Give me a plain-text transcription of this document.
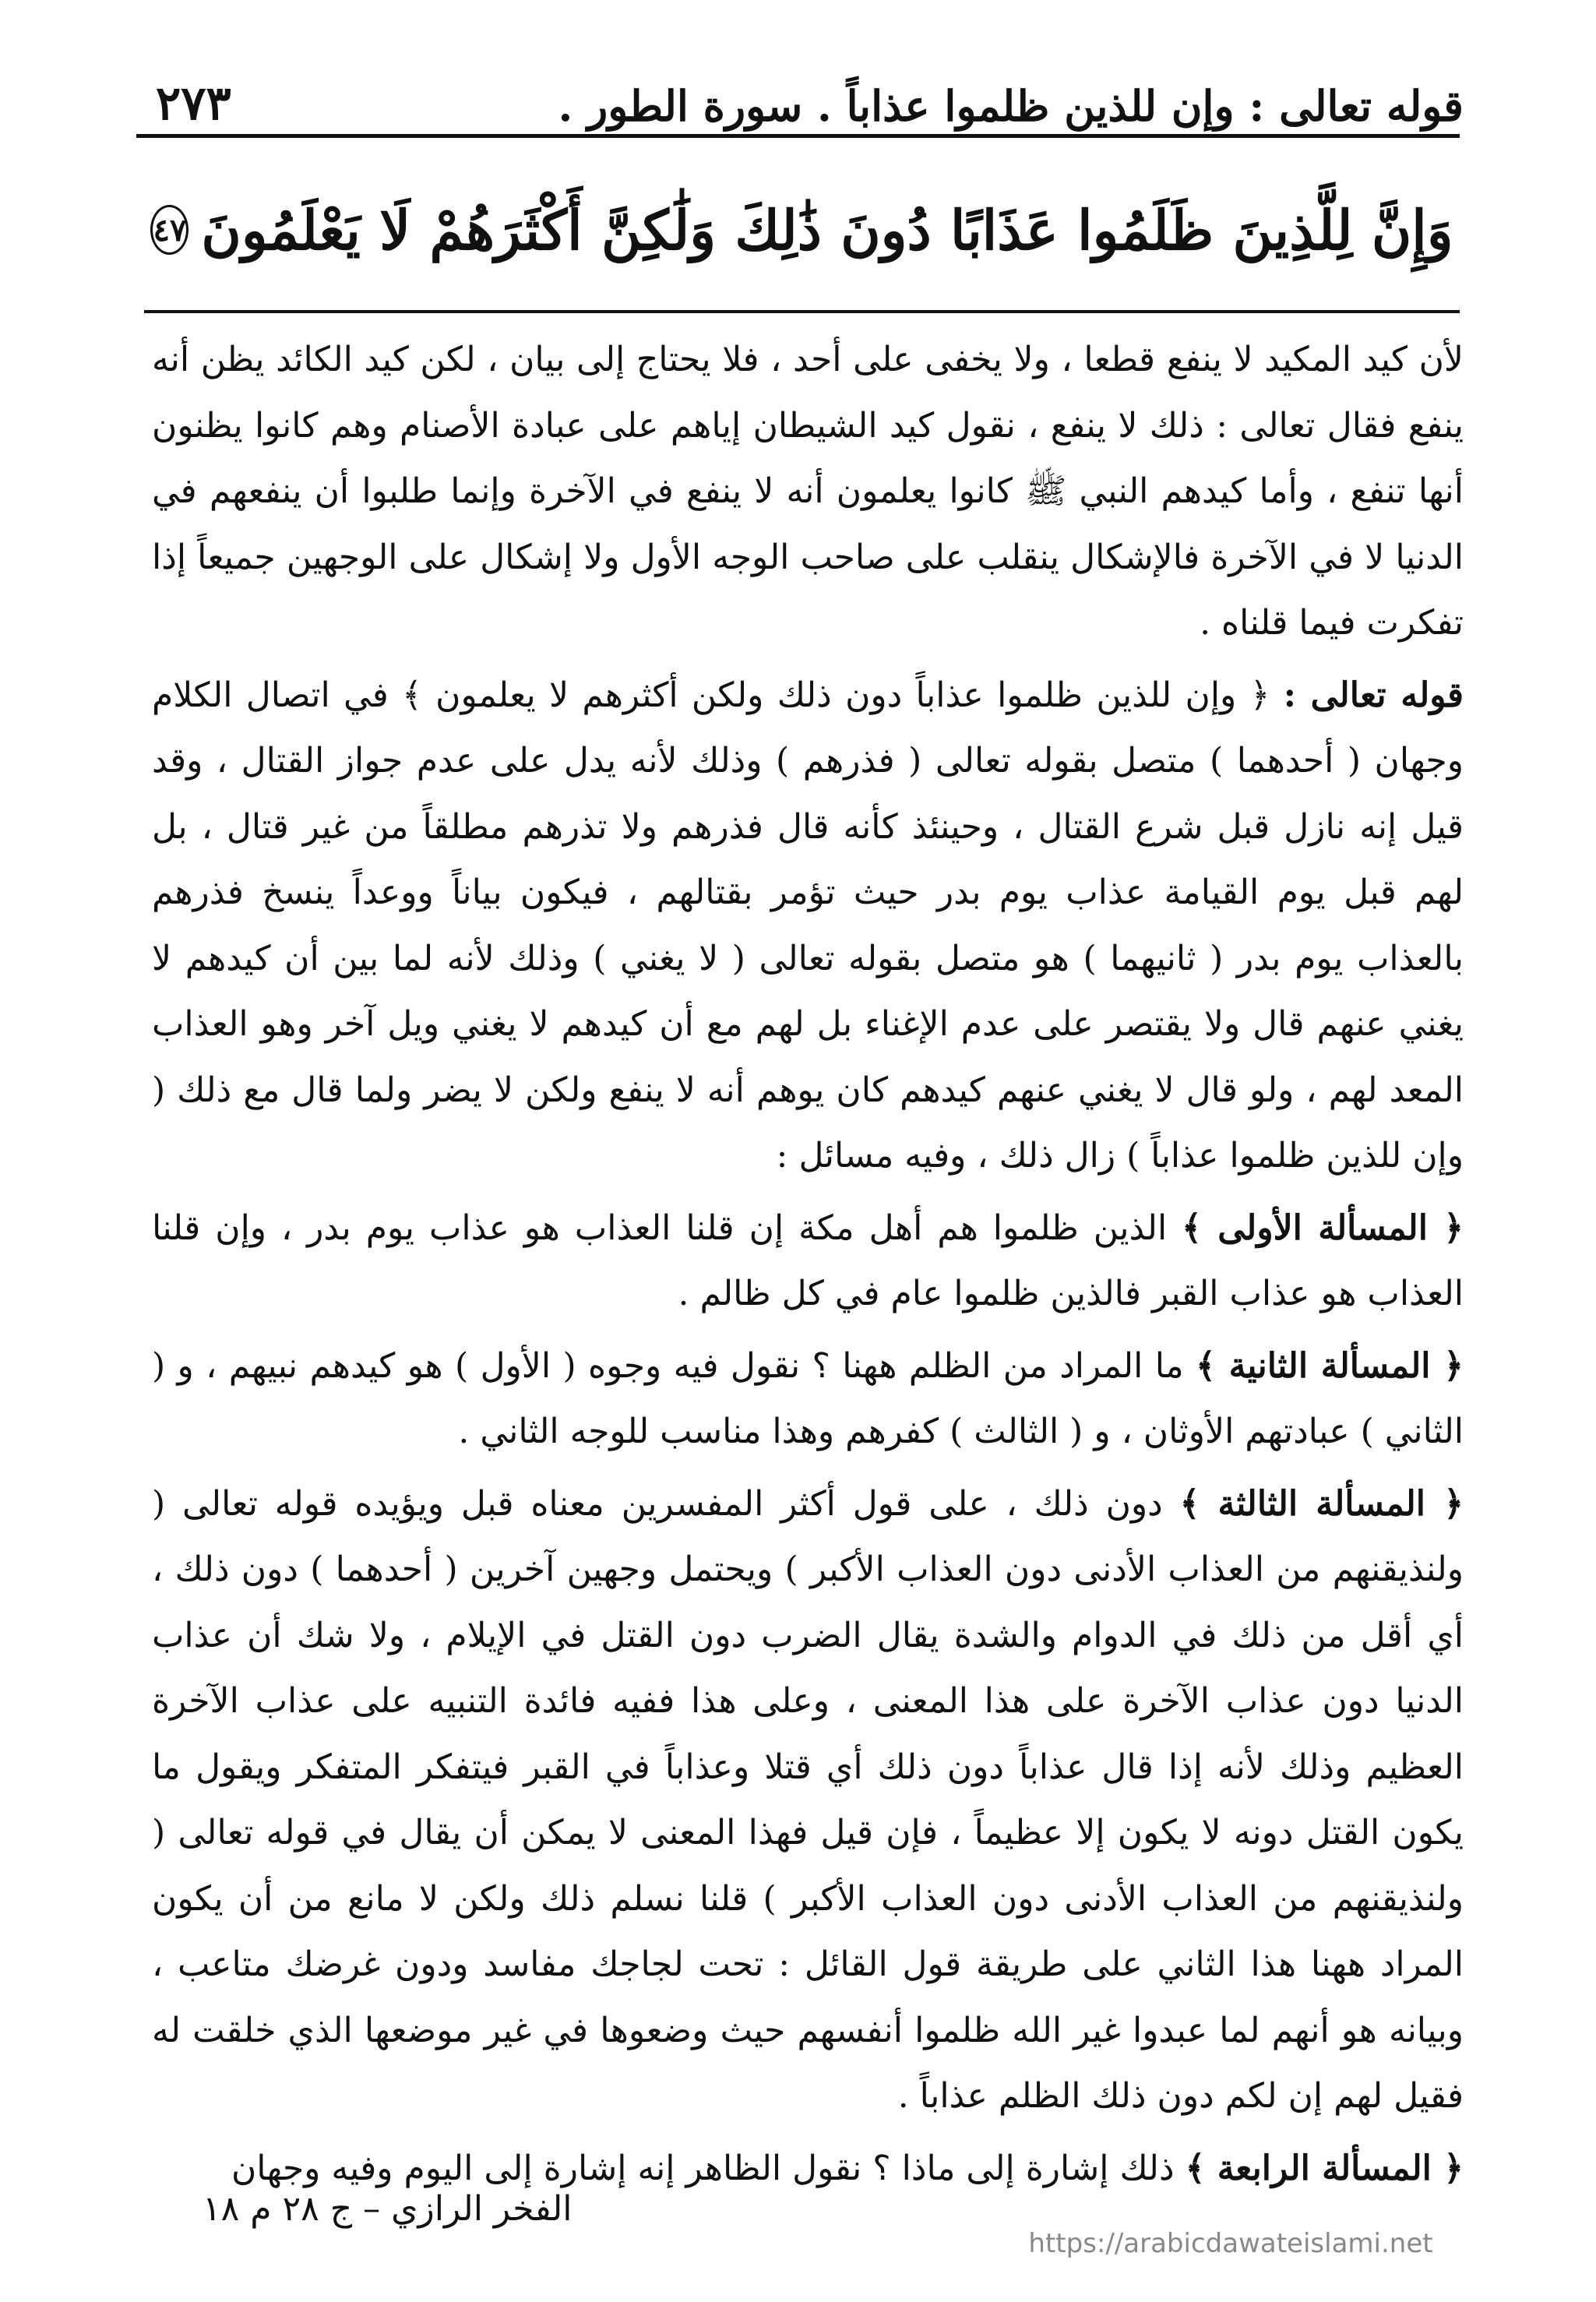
قوله تعالى : وإن للذين ظلموا عذاباً . سورة الطور .
٢٧٣
وَإِنَّ لِلَّذِينَ ظَلَمُوا عَذَابًا دُونَ ذَٰلِكَ وَلَٰكِنَّ أَكْثَرَهُمْ لَا يَعْلَمُونَ
٤٧

لأن كيد المكيد لا ينفع قطعا ، ولا يخفى على أحد ، فلا يحتاج إلى بيان ، لكن كيد الكائد يظن أنه ينفع فقال تعالى : ذلك لا ينفع ، نقول كيد الشيطان إياهم على عبادة الأصنام وهم كانوا يظنون أنها تنفع ، وأما كيدهم النبي ﷺ كانوا يعلمون أنه لا ينفع في الآخرة وإنما طلبوا أن ينفعهم في الدنيا لا في الآخرة فالإشكال ينقلب على صاحب الوجه الأول ولا إشكال على الوجهين جميعاً إذا تفكرت فيما قلناه .

قوله تعالى : ﴿ وإن للذين ظلموا عذاباً دون ذلك ولكن أكثرهم لا يعلمون ﴾ في اتصال الكلام وجهان ( أحدهما ) متصل بقوله تعالى ( فذرهم ) وذلك لأنه يدل على عدم جواز القتال ، وقد قيل إنه نازل قبل شرع القتال ، وحينئذ كأنه قال فذرهم ولا تذرهم مطلقاً من غير قتال ، بل لهم قبل يوم القيامة عذاب يوم بدر حيث تؤمر بقتالهم ، فيكون بياناً ووعداً ينسخ فذرهم بالعذاب يوم بدر ( ثانيهما ) هو متصل بقوله تعالى ( لا يغني ) وذلك لأنه لما بين أن كيدهم لا يغني عنهم قال ولا يقتصر على عدم الإغناء بل لهم مع أن كيدهم لا يغني ويل آخر وهو العذاب المعد لهم ، ولو قال لا يغني عنهم كيدهم كان يوهم أنه لا ينفع ولكن لا يضر ولما قال مع ذلك ( وإن للذين ظلموا عذاباً ) زال ذلك ، وفيه مسائل :

﴿ المسألة الأولى ﴾ الذين ظلموا هم أهل مكة إن قلنا العذاب هو عذاب يوم بدر ، وإن قلنا العذاب هو عذاب القبر فالذين ظلموا عام في كل ظالم .

﴿ المسألة الثانية ﴾ ما المراد من الظلم ههنا ؟ نقول فيه وجوه ( الأول ) هو كيدهم نبيهم ، و ( الثاني ) عبادتهم الأوثان ، و ( الثالث ) كفرهم وهذا مناسب للوجه الثاني .

﴿ المسألة الثالثة ﴾ دون ذلك ، على قول أكثر المفسرين معناه قبل ويؤيده قوله تعالى ( ولنذيقنهم من العذاب الأدنى دون العذاب الأكبر ) ويحتمل وجهين آخرين ( أحدهما ) دون ذلك ، أي أقل من ذلك في الدوام والشدة يقال الضرب دون القتل في الإيلام ، ولا شك أن عذاب الدنيا دون عذاب الآخرة على هذا المعنى ، وعلى هذا ففيه فائدة التنبيه على عذاب الآخرة العظيم وذلك لأنه إذا قال عذاباً دون ذلك أي قتلا وعذاباً في القبر فيتفكر المتفكر ويقول ما يكون القتل دونه لا يكون إلا عظيماً ، فإن قيل فهذا المعنى لا يمكن أن يقال في قوله تعالى ( ولنذيقنهم من العذاب الأدنى دون العذاب الأكبر ) قلنا نسلم ذلك ولكن لا مانع من أن يكون المراد ههنا هذا الثاني على طريقة قول القائل : تحت لجاجك مفاسد ودون غرضك متاعب ، وبيانه هو أنهم لما عبدوا غير الله ظلموا أنفسهم حيث وضعوها في غير موضعها الذي خلقت له فقيل لهم إن لكم دون ذلك الظلم عذاباً .

﴿ المسألة الرابعة ﴾ ذلك إشارة إلى ماذا ؟ نقول الظاهر إنه إشارة إلى اليوم وفيه وجهان

الفخر الرازي – ج ٢٨ م ١٨
https://arabicdawateislami.net
